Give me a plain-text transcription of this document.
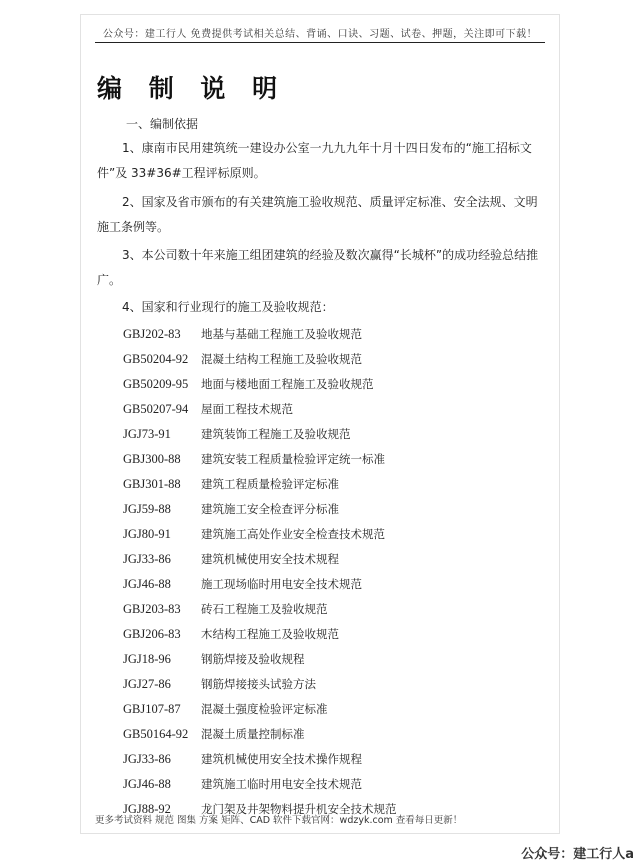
公众号：建工行人 免费提供考试相关总结、背诵、口诀、习题、试卷、押题，关注即可下载！
编 制 说 明
一、编制依据
1、康南市民用建筑统一建设办公室一九九九年十月十四日发布的“施工招标文件”及 33#36#工程评标原则。
2、国家及省市颁布的有关建筑施工验收规范、质量评定标准、安全法规、文明施工条例等。
3、本公司数十年来施工组团建筑的经验及数次赢得“长城杯”的成功经验总结推广。
4、国家和行业现行的施工及验收规范：
GBJ202-83 地基与基础工程施工及验收规范
GB50204-92 混凝土结构工程施工及验收规范
GB50209-95 地面与楼地面工程施工及验收规范
GB50207-94 屋面工程技术规范
JGJ73-91	建筑装饰工程施工及验收规范
GBJ300-88 建筑安装工程质量检验评定统一标准
GBJ301-88 建筑工程质量检验评定标准
JGJ59-88	建筑施工安全检查评分标准
JGJ80-91	建筑施工高处作业安全检查技术规范
JGJ33-86	建筑机械使用安全技术规程
JGJ46-88	施工现场临时用电安全技术规范
GBJ203-83 砖石工程施工及验收规范
GBJ206-83 木结构工程施工及验收规范
JGJ18-96	钢筋焊接及验收规程
JGJ27-86	钢筋焊接接头试验方法
GBJ107-87 混凝土强度检验评定标准
GB50164-92 混凝土质量控制标准
JGJ33-86	建筑机械使用安全技术操作规程
JGJ46-88	建筑施工临时用电安全技术规范
JGJ88-92	龙门架及井架物料提升机安全技术规范
更多考试资料 规范 图集 方案 矩阵、CAD 软件下载官网：wdzyk.com 查看每日更新！
公众号：建工行人a
